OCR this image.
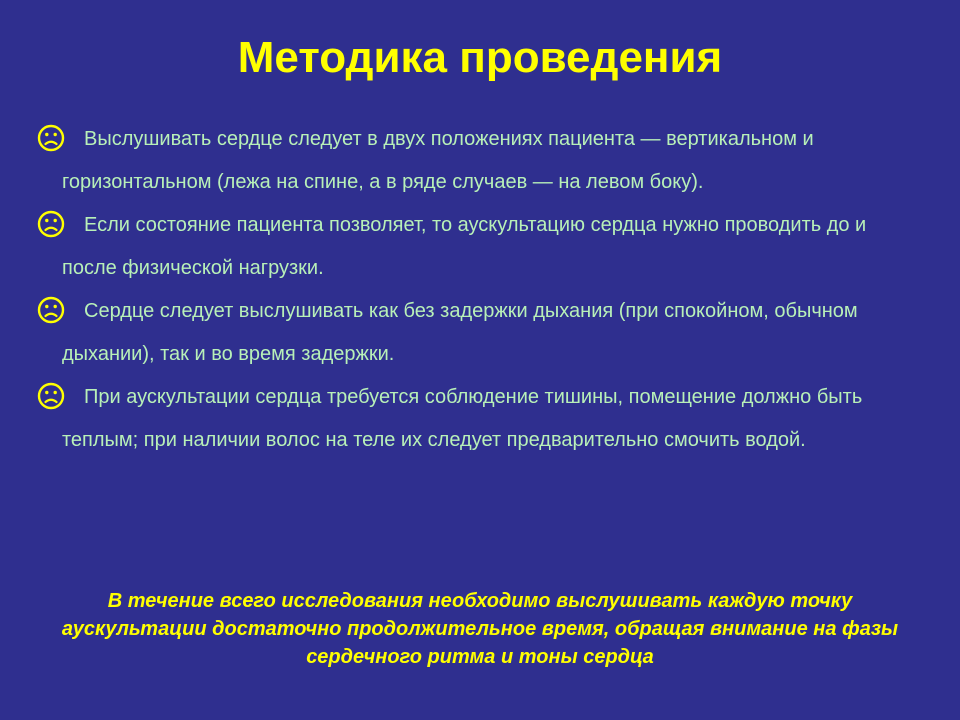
Методика проведения
Выслушивать сердце следует в двух положениях пациента — вертикальном и горизонтальном (лежа на спине, а в ряде случаев — на левом боку).
Если состояние пациента позволяет, то аускультацию сердца нужно проводить до и после физической нагрузки.
Сердце следует выслушивать как без задержки дыхания (при спокойном, обычном дыхании), так и во время задержки.
При аускультации сердца требуется соблюдение тишины, помещение должно быть теплым; при наличии волос на теле их следует предварительно смочить водой.
В течение всего исследования необходимо выслушивать каждую точку аускультации достаточно продолжительное время, обращая внимание на фазы сердечного ритма и тоны сердца
